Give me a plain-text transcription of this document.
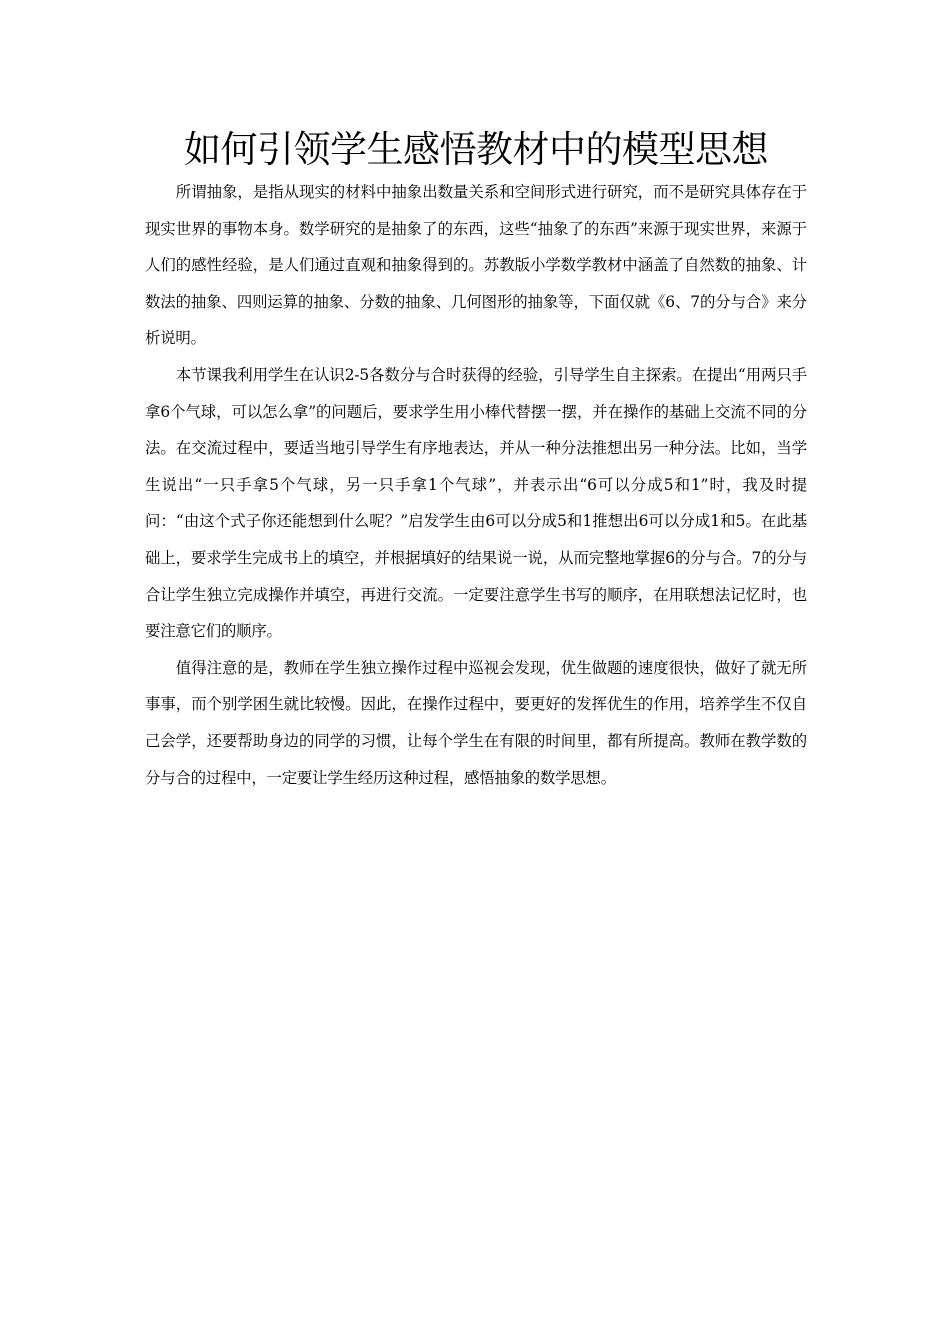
如何引领学生感悟教材中的模型思想

所谓抽象，是指从现实的材料中抽象出数量关系和空间形式进行研究，而不是研究具体存在于现实世界的事物本身。数学研究的是抽象了的东西，这些“抽象了的东西”来源于现实世界，来源于人们的感性经验，是人们通过直观和抽象得到的。苏教版小学数学教材中涵盖了自然数的抽象、计数法的抽象、四则运算的抽象、分数的抽象、几何图形的抽象等，下面仅就《6、7的分与合》来分析说明。

本节课我利用学生在认识2-5各数分与合时获得的经验，引导学生自主探索。在提出“用两只手拿6个气球，可以怎么拿”的问题后，要求学生用小棒代替摆一摆，并在操作的基础上交流不同的分法。在交流过程中，要适当地引导学生有序地表达，并从一种分法推想出另一种分法。比如，当学生说出“一只手拿5个气球，另一只手拿1个气球”，并表示出“6可以分成5和1”时，我及时提问：“由这个式子你还能想到什么呢？”启发学生由6可以分成5和1推想出6可以分成1和5。在此基础上，要求学生完成书上的填空，并根据填好的结果说一说，从而完整地掌握6的分与合。7的分与合让学生独立完成操作并填空，再进行交流。一定要注意学生书写的顺序，在用联想法记忆时，也要注意它们的顺序。

值得注意的是，教师在学生独立操作过程中巡视会发现，优生做题的速度很快，做好了就无所事事，而个别学困生就比较慢。因此，在操作过程中，要更好的发挥优生的作用，培养学生不仅自己会学，还要帮助身边的同学的习惯，让每个学生在有限的时间里，都有所提高。教师在教学数的分与合的过程中，一定要让学生经历这种过程，感悟抽象的数学思想。
